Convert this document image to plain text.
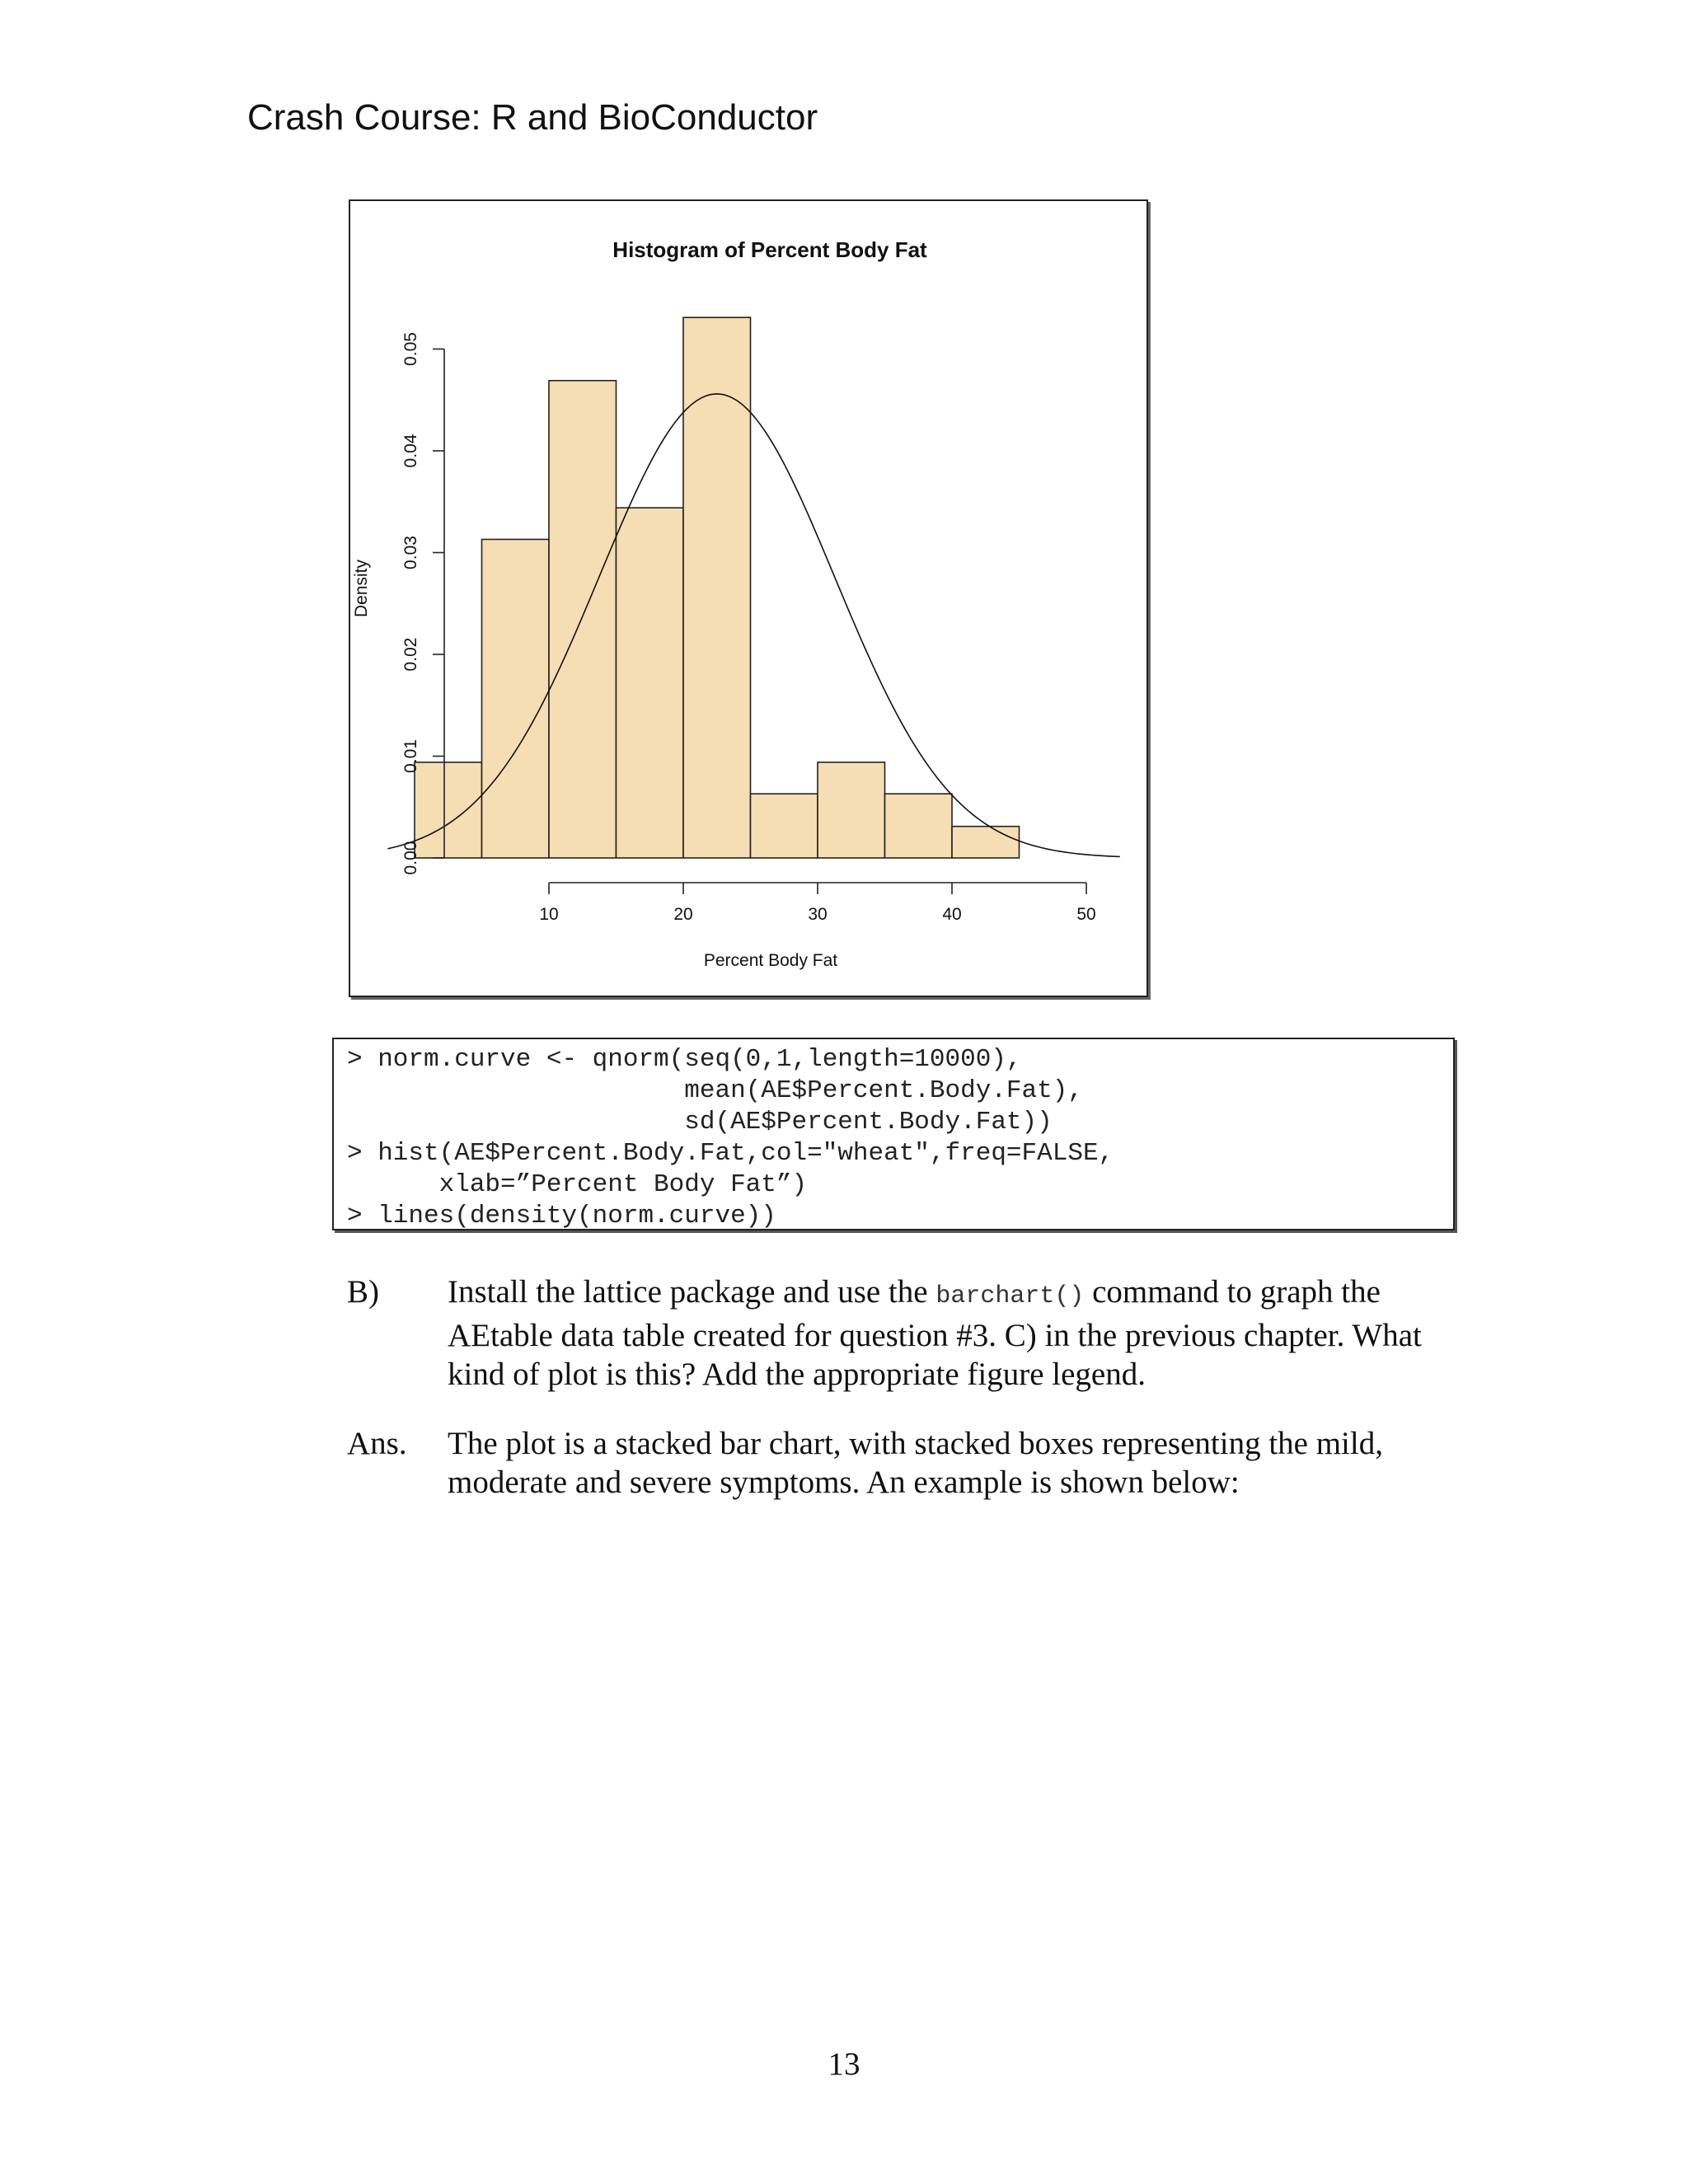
Crash Course: R and BioConductor
Histogram of Percent Body Fat
0.00
0.01
0.02
0.03
0.04
0.05
10	20	30	40	50
Density
Percent Body Fat
> norm.curve <- qnorm(seq(0,1,length=10000),
mean(AE$Percent.Body.Fat),
sd(AE$Percent.Body.Fat))
> hist(AE$Percent.Body.Fat,col="wheat",freq=FALSE,
xlab=”Percent Body Fat”)
> lines(density(norm.curve))
B) Install the lattice package and use the barchart() command to graph the AEtable data table created for question #3. C) in the previous chapter. What kind of plot is this? Add the appropriate figure legend.
Ans. The plot is a stacked bar chart, with stacked boxes representing the mild, moderate and severe symptoms. An example is shown below:
13
